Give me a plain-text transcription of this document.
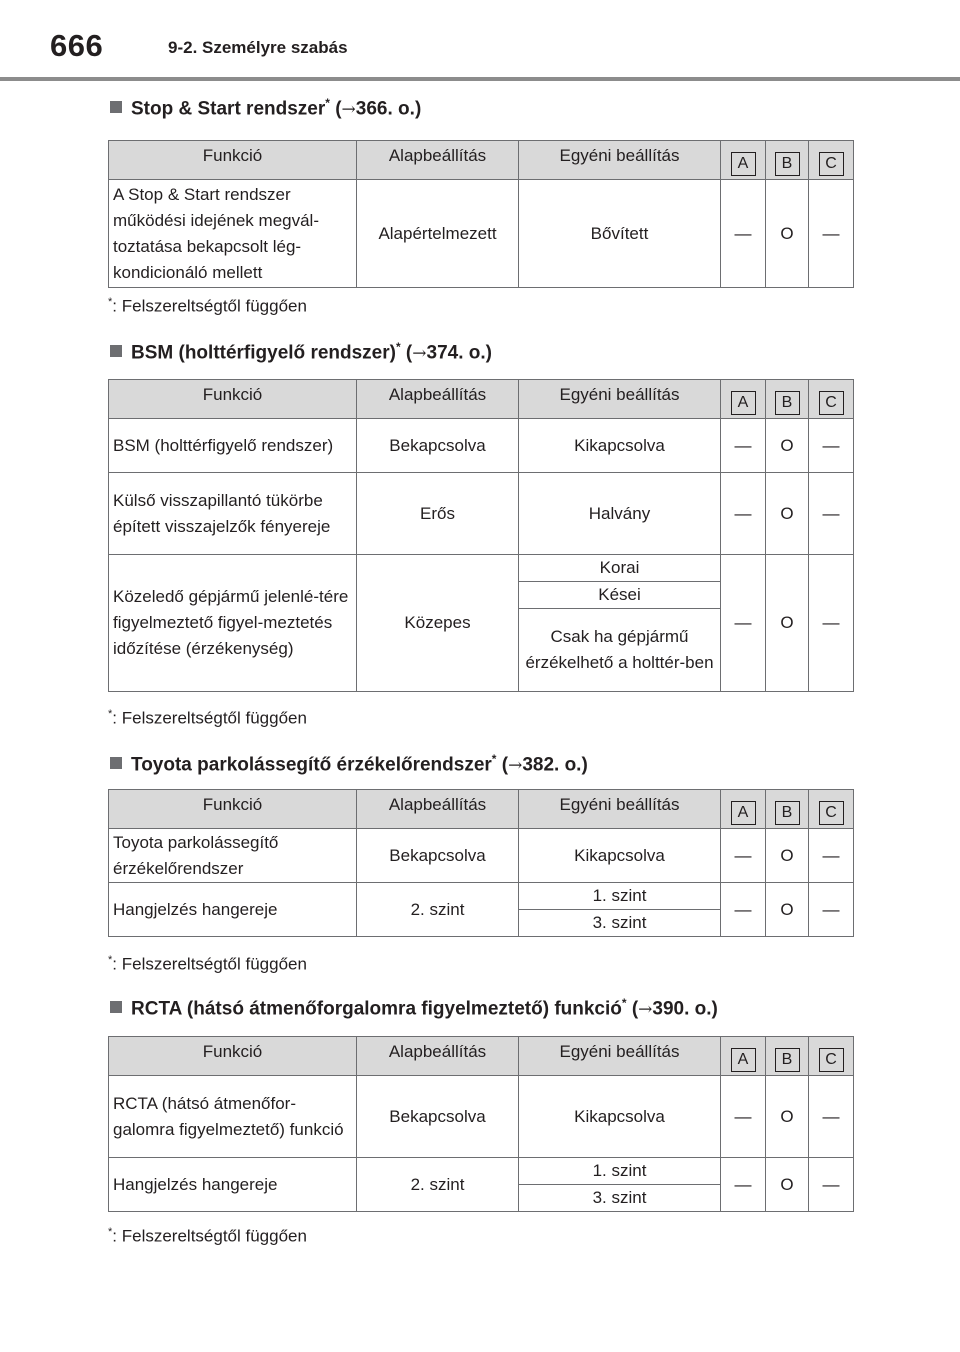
666	9-2. Személyre szabás
Stop & Start rendszer* (→366. o.)
Funkció	Alapbeállítás	Egyéni beállítás	A	B	C
A Stop & Start rendszer működési idejének megvál-toztatása bekapcsolt lég-kondicionáló mellett	Alapértelmezett	Bővített	—	O	—
*: Felszereltségtől függően
BSM (holttérfigyelő rendszer)* (→374. o.)
Funkció	Alapbeállítás	Egyéni beállítás	A	B	C
BSM (holttérfigyelő rendszer)	Bekapcsolva	Kikapcsolva	—	O	—
Külső visszapillantó tükörbe épített visszajelzők fényereje	Erős	Halvány	—	O	—
Közeledő gépjármű jelenlé-tére figyelmeztető figyel-meztetés időzítése (érzékenység)	Közepes	Korai	—	O	—
		Kései			
		Csak ha gépjármű érzékelhető a holttér-ben			
*: Felszereltségtől függően
Toyota parkolássegítő érzékelőrendszer* (→382. o.)
Funkció	Alapbeállítás	Egyéni beállítás	A	B	C
Toyota parkolássegítő érzékelőrendszer	Bekapcsolva	Kikapcsolva	—	O	—
Hangjelzés hangereje	2. szint	1. szint	—	O	—
		3. szint			
*: Felszereltségtől függően
RCTA (hátsó átmenőforgalomra figyelmeztető) funkció* (→390. o.)
Funkció	Alapbeállítás	Egyéni beállítás	A	B	C
RCTA (hátsó átmenőfor-galomra figyelmeztető) funkció	Bekapcsolva	Kikapcsolva	—	O	—
Hangjelzés hangereje	2. szint	1. szint	—	O	—
		3. szint			
*: Felszereltségtől függően
